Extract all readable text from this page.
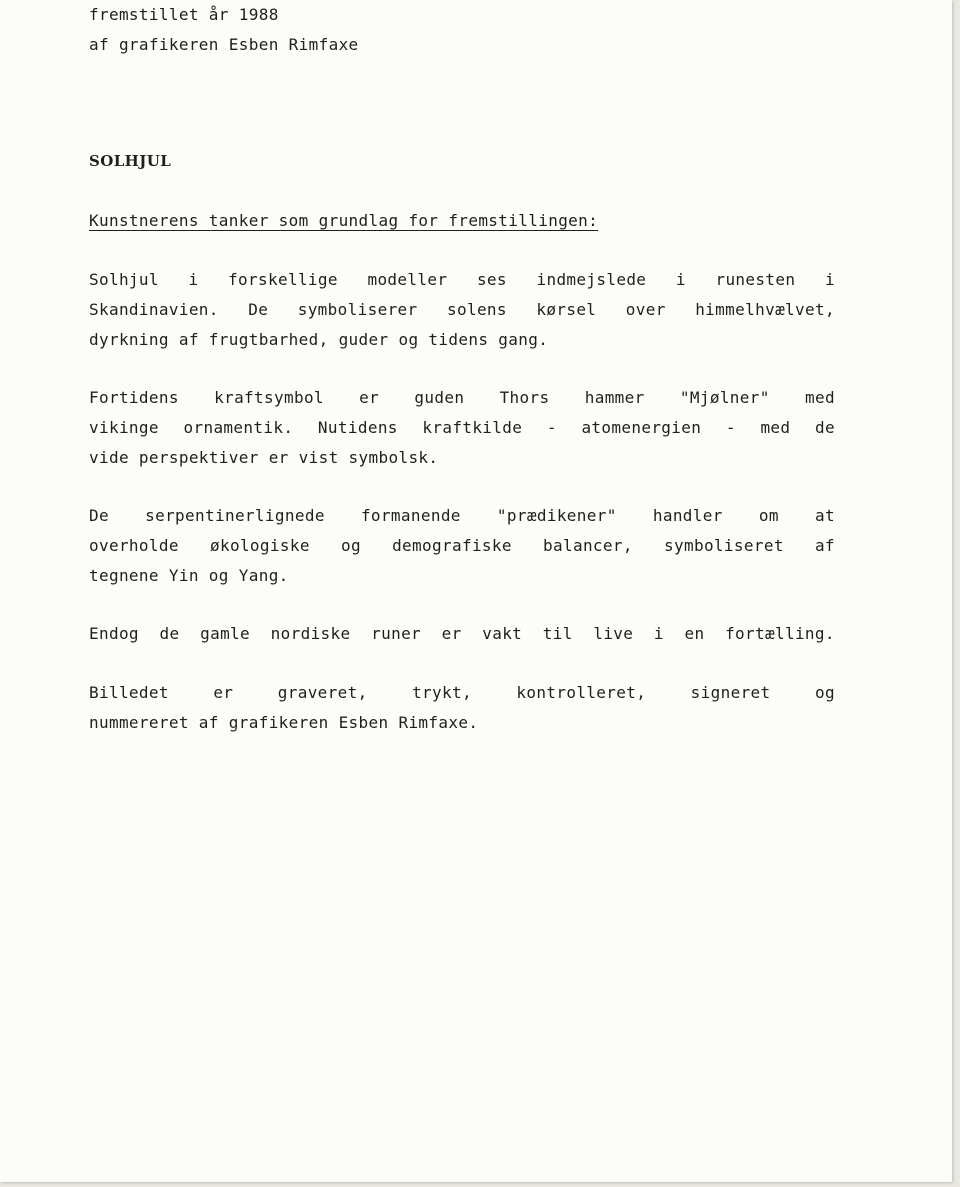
fremstillet år 1988
af grafikeren Esben Rimfaxe
SOLHJUL
Kunstnerens tanker som grundlag for fremstillingen:
Solhjul i forskellige modeller ses indmejslede i runesten i
Skandinavien. De symboliserer solens kørsel over himmelhvælvet,
dyrkning af frugtbarhed, guder og tidens gang.
Fortidens kraftsymbol er guden Thors hammer "Mjølner" med
vikinge ornamentik. Nutidens kraftkilde - atomenergien - med de
vide perspektiver er vist symbolsk.
De serpentinerlignede formanende "prædikener" handler om at
overholde økologiske og demografiske balancer, symboliseret af
tegnene Yin og Yang.
Endog de gamle nordiske runer er vakt til live i en fortælling.
Billedet	er	graveret,	trykt,	kontrolleret,	signeret	og
nummereret af grafikeren Esben Rimfaxe.
